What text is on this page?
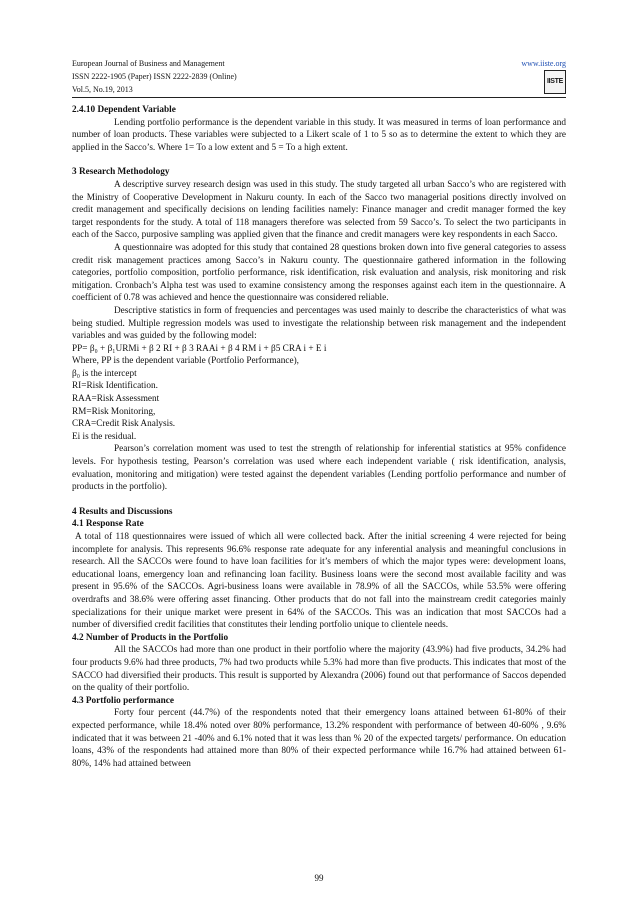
European Journal of Business and Management
ISSN 2222-1905 (Paper) ISSN 2222-2839 (Online)
Vol.5, No.19, 2013
www.iiste.org
IISTE

2.4.10 Dependent Variable

Lending portfolio performance is the dependent variable in this study. It was measured in terms of loan performance and number of loan products. These variables were subjected to a Likert scale of 1 to 5 so as to determine the extent to which they are applied in the Sacco’s. Where 1= To a low extent and 5 = To a high extent.

3 Research Methodology

A descriptive survey research design was used in this study. The study targeted all urban Sacco’s who are registered with the Ministry of Cooperative Development in Nakuru county. In each of the Sacco two managerial positions directly involved on credit management and specifically decisions on lending facilities namely: Finance manager and credit manager formed the key target respondents for the study. A total of 118 managers therefore was selected from 59 Sacco’s. To select the two participants in each of the Sacco, purposive sampling was applied given that the finance and credit managers were key respondents in each Sacco.

A questionnaire was adopted for this study that contained 28 questions broken down into five general categories to assess credit risk management practices among Sacco’s in Nakuru county. The questionnaire gathered information in the following categories, portfolio composition, portfolio performance, risk identification, risk evaluation and analysis, risk monitoring and risk mitigation. Cronbach’s Alpha test was used to examine consistency among the responses against each item in the questionnaire. A coefficient of 0.78 was achieved and hence the questionnaire was considered reliable.

Descriptive statistics in form of frequencies and percentages was used mainly to describe the characteristics of what was being studied. Multiple regression models was used to investigate the relationship between risk management and the independent variables and was guided by the following model:

PP= β₀ + β₁URMi + β 2 RI + β 3 RAAi + β 4 RM i + β5 CRA i + E i
Where, PP is the dependent variable (Portfolio Performance),
β₀ is the intercept
RI=Risk Identification.
RAA=Risk Assessment
RM=Risk Monitoring,
CRA=Credit Risk Analysis.
Ei is the residual.

Pearson’s correlation moment was used to test the strength of relationship for inferential statistics at 95% confidence levels. For hypothesis testing, Pearson’s correlation was used where each independent variable ( risk identification, analysis, evaluation, monitoring and mitigation) were tested against the dependent variables (Lending portfolio performance and number of products in the portfolio).

4 Results and Discussions

4.1 Response Rate

A total of 118 questionnaires were issued of which all were collected back. After the initial screening 4 were rejected for being incomplete for analysis. This represents 96.6% response rate adequate for any inferential analysis and meaningful conclusions in research. All the SACCOs were found to have loan facilities for it’s members of which the major types were: development loans, educational loans, emergency loan and refinancing loan facility. Business loans were the second most available facility and was present in 95.6% of the SACCOs. Agri-business loans were available in 78.9% of all the SACCOs, while 53.5% were offering overdrafts and 38.6% were offering asset financing. Other products that do not fall into the mainstream credit categories mainly specializations for their unique market were present in 64% of the SACCOs. This was an indication that most SACCOs had a number of diversified credit facilities that constitutes their lending portfolio unique to clientele needs.

4.2 Number of Products in the Portfolio

All the SACCOs had more than one product in their portfolio where the majority (43.9%) had five products, 34.2% had four products 9.6% had three products, 7% had two products while 5.3% had more than five products. This indicates that most of the SACCO had diversified their products. This result is supported by Alexandra (2006) found out that performance of Saccos depended on the quality of their portfolio.

4.3 Portfolio performance

Forty four percent (44.7%) of the respondents noted that their emergency loans attained between 61-80% of their expected performance, while 18.4% noted over 80% performance, 13.2% respondent with performance of between 40-60% , 9.6% indicated that it was between 21 -40% and 6.1% noted that it was less than % 20 of the expected targets/ performance. On education loans, 43% of the respondents had attained more than 80% of their expected performance while 16.7% had attained between 61-80%, 14% had attained between

99
